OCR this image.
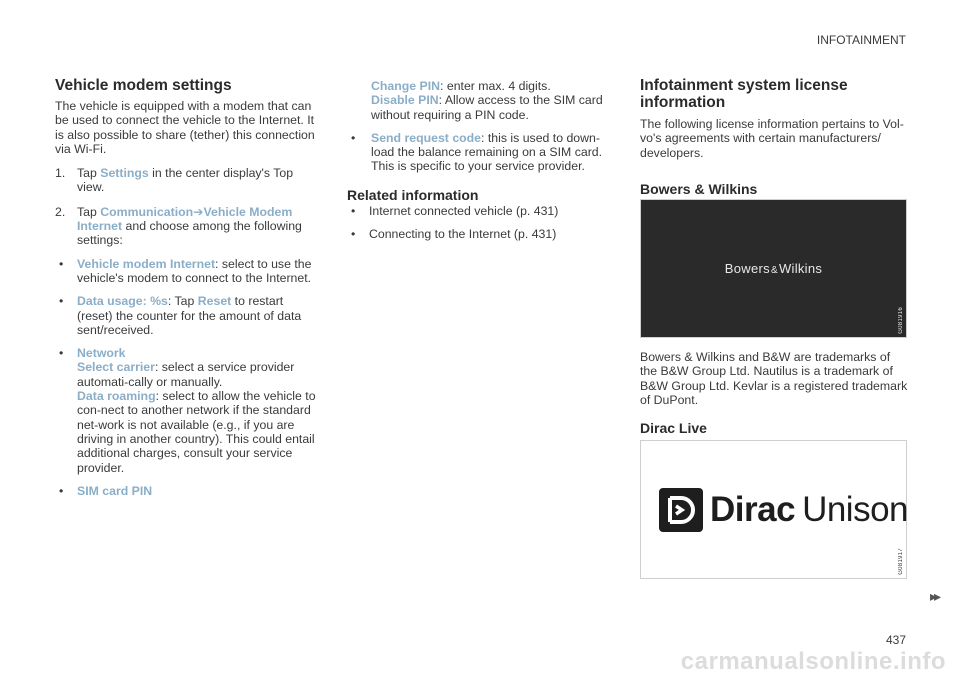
INFOTAINMENT
Vehicle modem settings

The vehicle is equipped with a modem that can be used to connect the vehicle to the Internet. It is also possible to share (tether) this connection via Wi-Fi.

1. Tap Settings in the center display's Top view.
2. Tap Communication➔Vehicle Modem Internet and choose among the following settings:
• Vehicle modem Internet: select to use the vehicle's modem to connect to the Internet.
• Data usage: %s: Tap Reset to restart (reset) the counter for the amount of data sent/received.
• Network

Select carrier: select a service provider automati-cally or manually.

Data roaming: select to allow the vehicle to con-nect to another network if the standard net-work is not available (e.g., if you are driving in another country). This could entail additional charges, consult your service provider.

• SIM card PIN

Change PIN: enter max. 4 digits.

Disable PIN: Allow access to the SIM card without requiring a PIN code.

• Send request code: this is used to down-load the balance remaining on a SIM card. This is specific to your service provider.
Related information
• Internet connected vehicle (p. 431)
• Connecting to the Internet (p. 431)
Infotainment system license information

The following license information pertains to Vol-vo's agreements with certain manufacturers/ developers.

Bowers & Wilkins
Bowers&Wilkins
G081916

Bowers & Wilkins and B&W are trademarks of the B&W Group Ltd. Nautilus is a trademark of B&W Group Ltd. Kevlar is a registered trademark of DuPont.

Dirac Live
Dirac Unison
G081917
▸▸
437
carmanualsonline.info
